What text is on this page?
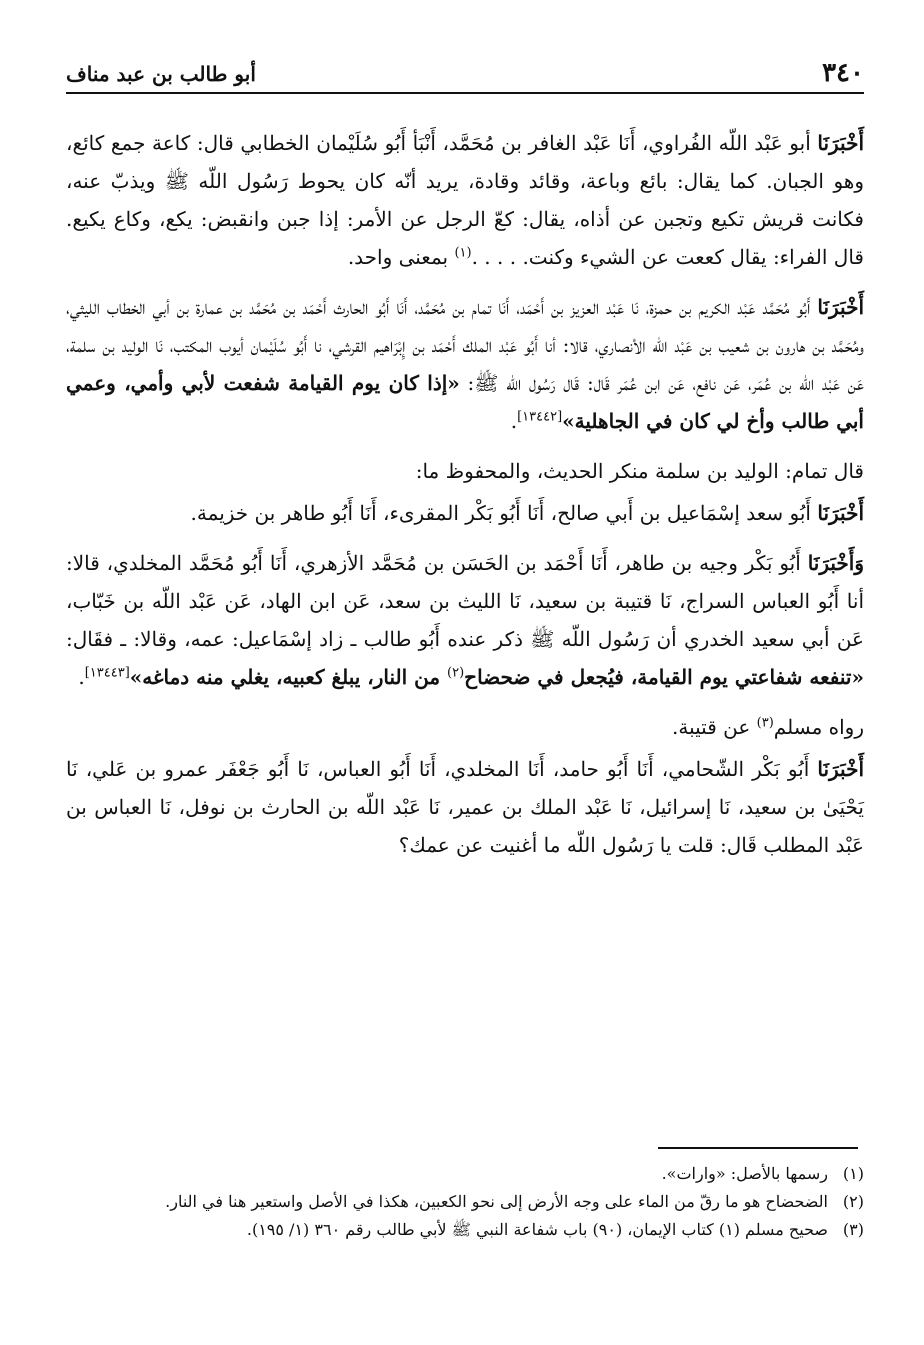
٣٤٠
أبو طالب بن عبد مناف

أَخْبَرَنَا أبو عَبْد اللّه الفُراوي، أَنَا عَبْد الغافر بن مُحَمَّد، أَنْبَأ أَبُو سُلَيْمان الخطابي قال: كاعة جمع كائع، وهو الجبان. كما يقال: بائع وباعة، وقائد وقادة، يريد أنّه كان يحوط رَسُول اللّه ﷺ ويذبّ عنه، فكانت قريش تكيع وتجبن عن أذاه، يقال: كعّ الرجل عن الأمر: إذا جبن وانقبض: يكع، وكاع يكيع. قال الفراء: يقال كععت عن الشيء وكنت. . . . .$^{(١)}$ بمعنى واحد.

أَخْبَرَنَا أَبُو مُحَمَّد عَبْد الكريم بن حمزة، نَا عَبْد العزيز بن أَحْمَد، أَنَا تمام بن مُحَمَّد، أَنَا أَبُو الحارث أَحْمَد بن مُحَمَّد بن عمارة بن أبي الخطاب الليثي، ومُحَمَّد بن هارون بن شعيب بن عَبْد اللّه الأنصاري، قالا: أنا أَبُو عَبْد الملك أَحْمَد بن إِبْرَاهيم القرشي، نا أَبُو سُلَيْمان أيوب المكتب، نَا الوليد بن سلمة، عَن عَبْد اللّه بن عُمَر، عَن نافع، عَن ابن عُمَر قَال: قَال رَسُول اللّه ﷺ: «إذا كان يوم القيامة شفعت لأبي وأمي، وعمي أبي طالب وأخ لي كان في الجاهلية»[١٣٤٤٢].

قال تمام: الوليد بن سلمة منكر الحديث، والمحفوظ ما:

أَخْبَرَنَا أَبُو سعد إسْمَاعيل بن أَبي صالح، أَنَا أَبُو بَكْر المقرىء، أَنَا أَبُو طاهر بن خزيمة.

وَأَخْبَرَنَا أَبُو بَكْر وجيه بن طاهر، أَنَا أَحْمَد بن الحَسَن بن مُحَمَّد الأزهري، أَنَا أَبُو مُحَمَّد المخلدي، قالا: أنا أَبُو العباس السراج، نَا قتيبة بن سعيد، نَا الليث بن سعد، عَن ابن الهاد، عَن عَبْد اللّه بن خَبّاب، عَن أبي سعيد الخدري أن رَسُول اللّه ﷺ ذكر عنده أَبُو طالب ـ زاد إسْمَاعيل: عمه، وقالا: ـ فقَال: «تنفعه شفاعتي يوم القيامة، فيُجعل في ضحضاح$^{(٢)}$ من النار، يبلغ كعبيه، يغلي منه دماغه»[١٣٤٤٣].

رواه مسلم$^{(٣)}$ عن قتيبة.

أَخْبَرَنَا أَبُو بَكْر الشّحامي، أَنَا أَبُو حامد، أَنَا المخلدي، أَنَا أَبُو العباس، نَا أَبُو جَعْفَر عمرو بن عَلي، نَا يَحْيَىٰ بن سعيد، نَا إسرائيل، نَا عَبْد الملك بن عمير، نَا عَبْد اللّه بن الحارث بن نوفل، نَا العباس بن عَبْد المطلب قَال: قلت يا رَسُول اللّه ما أغنيت عن عمك؟

(١)رسمها بالأصل: «وارات».

(٢)الضحضاح هو ما رقّ من الماء على وجه الأرض إلى نحو الكعبين، هكذا في الأصل واستعير هنا في النار.

(٣)صحيح مسلم (١) كتاب الإيمان، (٩٠) باب شفاعة النبي ﷺ لأبي طالب رقم ٣٦٠ (١/ ١٩٥).
